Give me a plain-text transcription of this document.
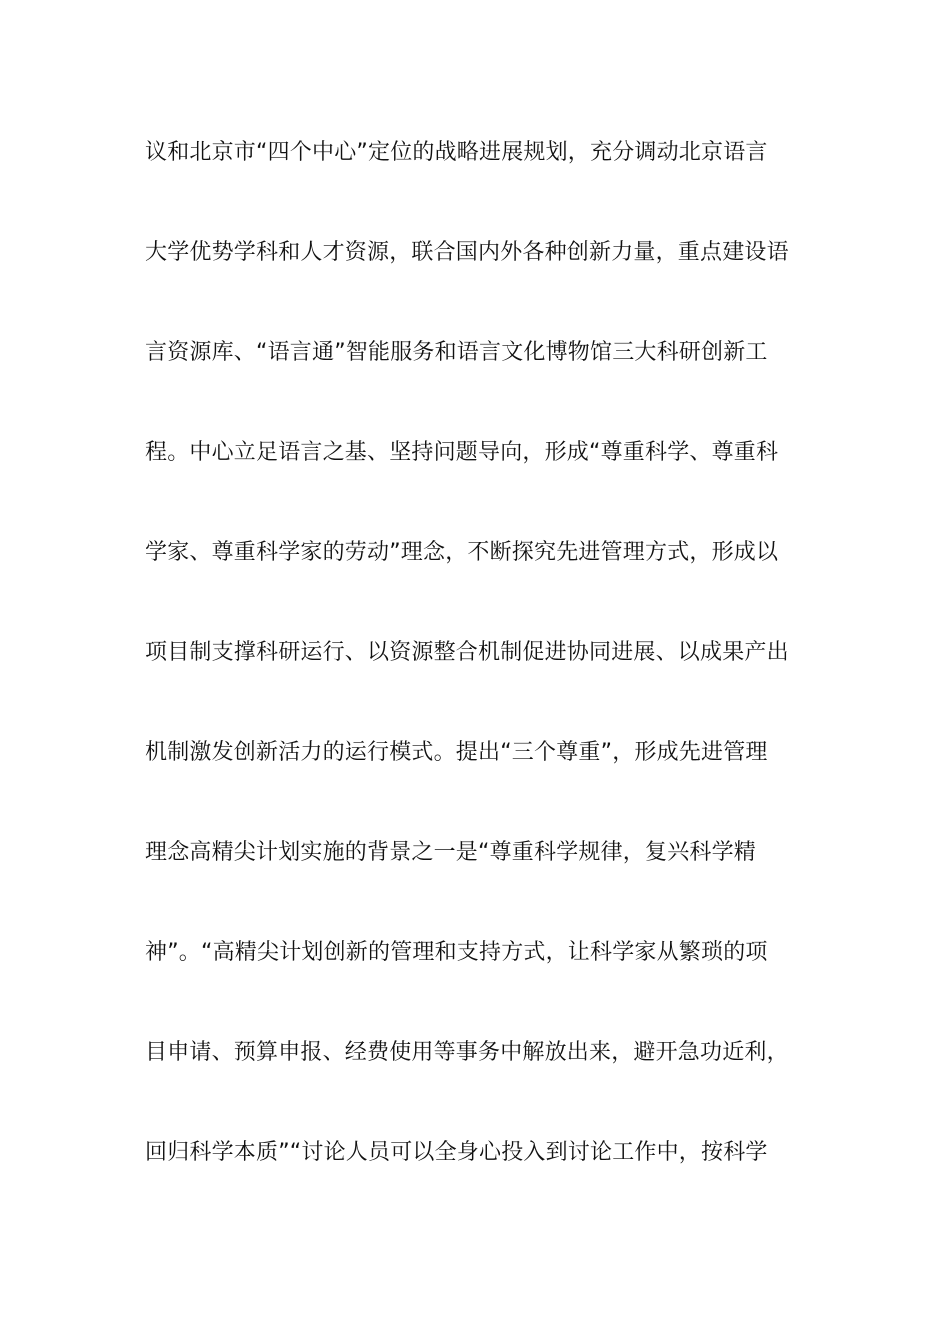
议和北京市“四个中心”定位的战略进展规划，充分调动北京语言
大学优势学科和人才资源，联合国内外各种创新力量，重点建设语
言资源库、“语言通”智能服务和语言文化博物馆三大科研创新工
程。中心立足语言之基、坚持问题导向，形成“尊重科学、尊重科
学家、尊重科学家的劳动”理念，不断探究先进管理方式，形成以
项目制支撑科研运行、以资源整合机制促进协同进展、以成果产出
机制激发创新活力的运行模式。提出“三个尊重”，形成先进管理
理念高精尖计划实施的背景之一是“尊重科学规律，复兴科学精
神”。“高精尖计划创新的管理和支持方式，让科学家从繁琐的项
目申请、预算申报、经费使用等事务中解放出来，避开急功近利，
回归科学本质”“讨论人员可以全身心投入到讨论工作中，按科学
